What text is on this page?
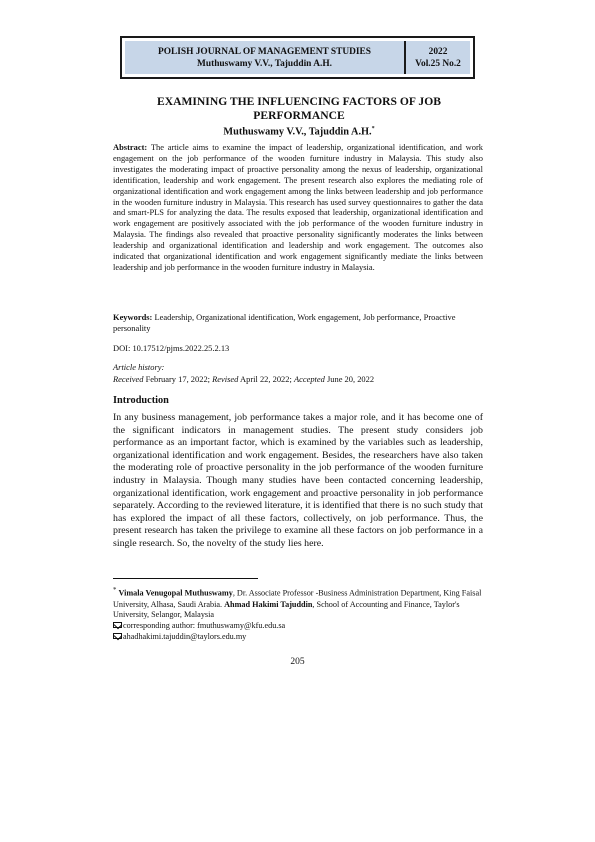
POLISH JOURNAL OF MANAGEMENT STUDIES
Muthuswamy V.V., Tajuddin A.H.
2022
Vol.25 No.2
EXAMINING THE INFLUENCING FACTORS OF JOB
PERFORMANCE
Muthuswamy V.V., Tajuddin A.H.*
Abstract: The article aims to examine the impact of leadership, organizational identification, and work engagement on the job performance of the wooden furniture industry in Malaysia. This study also investigates the moderating impact of proactive personality among the nexus of leadership, organizational identification, leadership and work engagement. The present research also explores the mediating role of organizational identification and work engagement among the links between leadership and job performance in the wooden furniture industry in Malaysia. This research has used survey questionnaires to gather the data and smart-PLS for analyzing the data. The results exposed that leadership, organizational identification and work engagement are positively associated with the job performance of the wooden furniture industry in Malaysia. The findings also revealed that proactive personality significantly moderates the links between leadership and organizational identification and leadership and work engagement. The outcomes also indicated that organizational identification and work engagement significantly mediate the links between leadership and job performance in the wooden furniture industry in Malaysia.
Keywords: Leadership, Organizational identification, Work engagement, Job performance, Proactive personality
DOI: 10.17512/pjms.2022.25.2.13
Article history:
Received February 17, 2022; Revised April 22, 2022; Accepted June 20, 2022
Introduction
In any business management, job performance takes a major role, and it has become one of the significant indicators in management studies. The present study considers job performance as an important factor, which is examined by the variables such as leadership, organizational identification and work engagement. Besides, the researchers have also taken the moderating role of proactive personality in the job performance of the wooden furniture industry in Malaysia. Though many studies have been contacted concerning leadership, organizational identification, work engagement and proactive personality in job performance separately. According to the reviewed literature, it is identified that there is no such study that has explored the impact of all these factors, collectively, on job performance. Thus, the present research has taken the privilege to examine all these factors on job performance in a single research. So, the novelty of the study lies here.
* Vimala Venugopal Muthuswamy, Dr. Associate Professor -Business Administration Department, King Faisal University, Alhasa, Saudi Arabia. Ahmad Hakimi Tajuddin, School of Accounting and Finance, Taylor's University, Selangor, Malaysia
corresponding author: fmuthuswamy@kfu.edu.sa
ahadhakimi.tajuddin@taylors.edu.my
205
